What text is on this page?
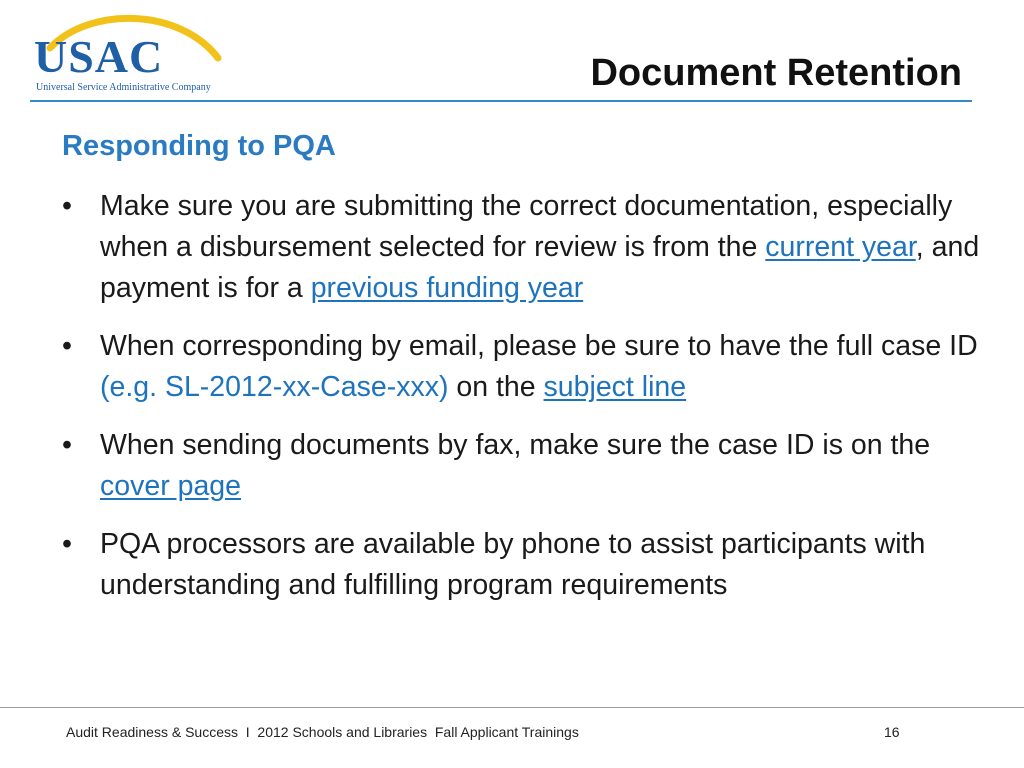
USAC
Universal Service Administrative Company	Document Retention
Responding to PQA
• Make sure you are submitting the correct documentation, especially when a disbursement selected for review is from the current year, and payment is for a previous funding year
• When corresponding by email, please be sure to have the full case ID (e.g. SL-2012-xx-Case-xxx) on the subject line
• When sending documents by fax, make sure the case ID is on the cover page
• PQA processors are available by phone to assist participants with understanding and fulfilling program requirements
Audit Readiness & Success  I  2012 Schools and Libraries  Fall Applicant Trainings	16
